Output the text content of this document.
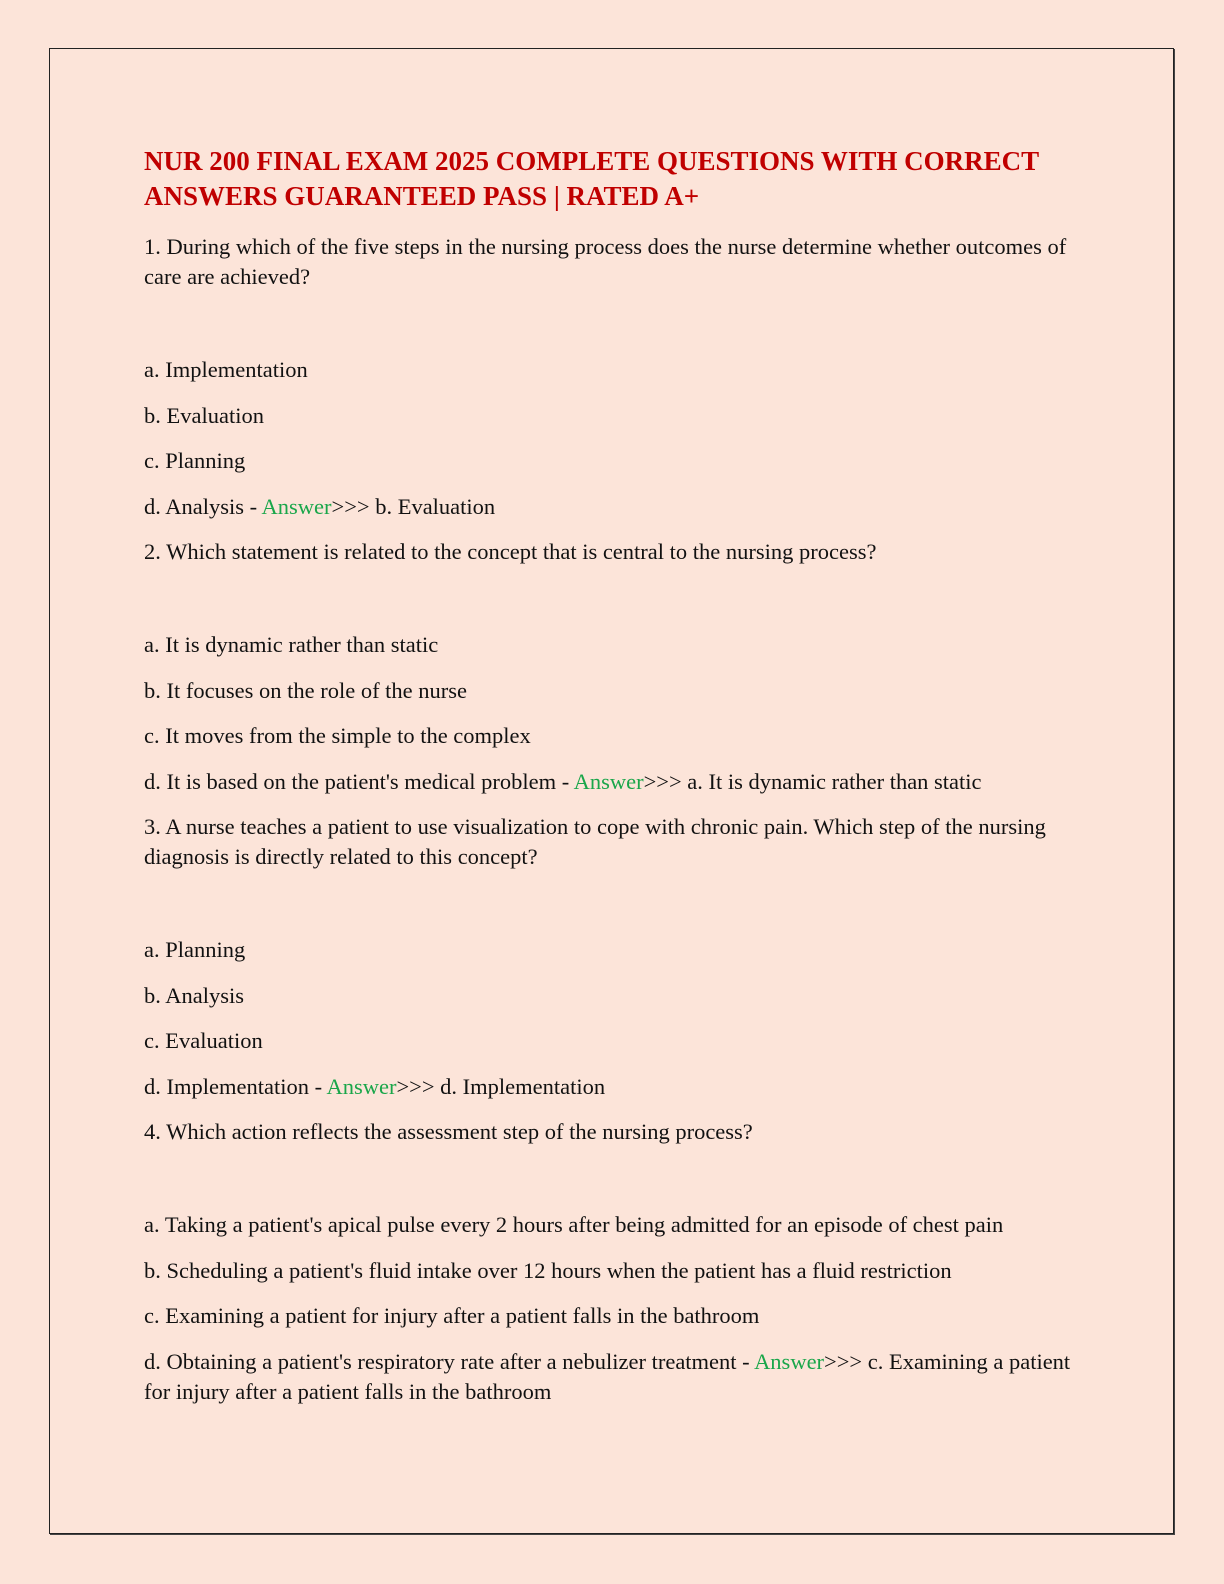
NUR 200 FINAL EXAM 2025 COMPLETE QUESTIONS WITH CORRECT ANSWERS GUARANTEED PASS | RATED A+

1. During which of the five steps in the nursing process does the nurse determine whether outcomes of care are achieved?

a. Implementation

b. Evaluation

c. Planning

d. Analysis - Answer>>> b. Evaluation

2. Which statement is related to the concept that is central to the nursing process?

a. It is dynamic rather than static

b. It focuses on the role of the nurse

c. It moves from the simple to the complex

d. It is based on the patient's medical problem - Answer>>> a. It is dynamic rather than static

3. A nurse teaches a patient to use visualization to cope with chronic pain. Which step of the nursing diagnosis is directly related to this concept?

a. Planning

b. Analysis

c. Evaluation

d. Implementation - Answer>>> d. Implementation

4. Which action reflects the assessment step of the nursing process?

a. Taking a patient's apical pulse every 2 hours after being admitted for an episode of chest pain

b. Scheduling a patient's fluid intake over 12 hours when the patient has a fluid restriction

c. Examining a patient for injury after a patient falls in the bathroom

d. Obtaining a patient's respiratory rate after a nebulizer treatment - Answer>>> c. Examining a patient for injury after a patient falls in the bathroom
